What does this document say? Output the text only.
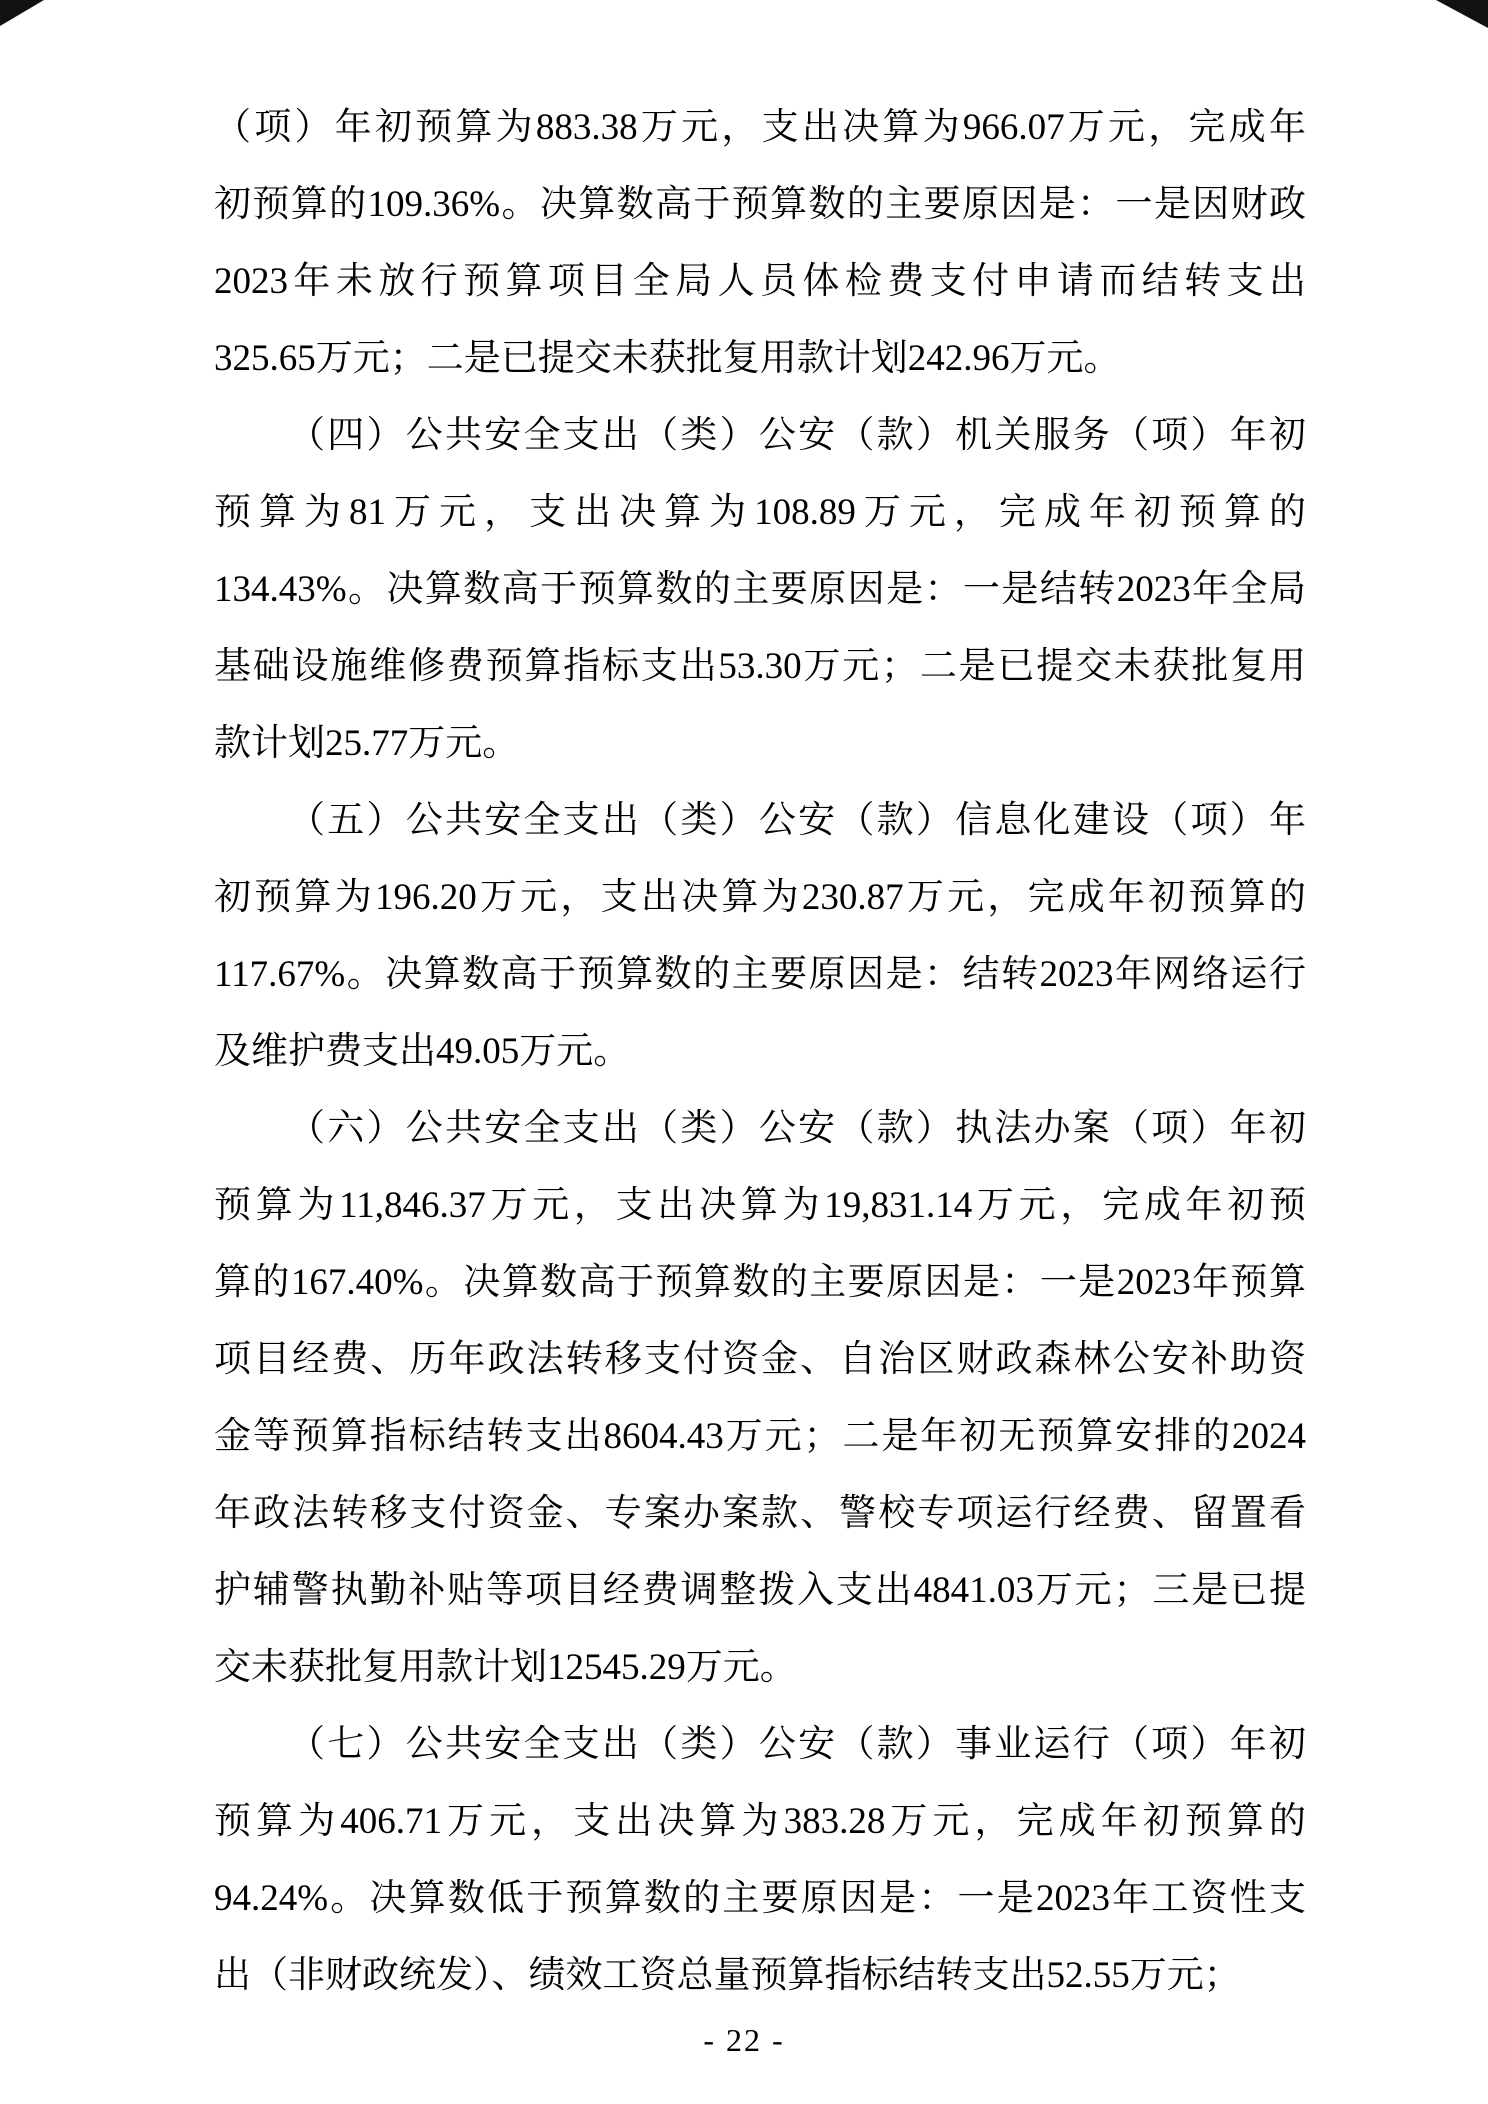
（项）年初预算为883.38万元，支出决算为966.07万元，完成年
初预算的109.36%。决算数高于预算数的主要原因是：一是因财政
2023年未放行预算项目全局人员体检费支付申请而结转支出
325.65万元；二是已提交未获批复用款计划242.96万元。
（四）公共安全支出（类）公安（款）机关服务（项）年初
预算为81万元，支出决算为108.89万元，完成年初预算的
134.43%。决算数高于预算数的主要原因是：一是结转2023年全局
基础设施维修费预算指标支出53.30万元；二是已提交未获批复用
款计划25.77万元。
（五）公共安全支出（类）公安（款）信息化建设（项）年
初预算为196.20万元，支出决算为230.87万元，完成年初预算的
117.67%。决算数高于预算数的主要原因是：结转2023年网络运行
及维护费支出49.05万元。
（六）公共安全支出（类）公安（款）执法办案（项）年初
预算为11,846.37万元，支出决算为19,831.14万元，完成年初预
算的167.40%。决算数高于预算数的主要原因是：一是2023年预算
项目经费、历年政法转移支付资金、自治区财政森林公安补助资
金等预算指标结转支出8604.43万元；二是年初无预算安排的2024
年政法转移支付资金、专案办案款、警校专项运行经费、留置看
护辅警执勤补贴等项目经费调整拨入支出4841.03万元；三是已提
交未获批复用款计划12545.29万元。
（七）公共安全支出（类）公安（款）事业运行（项）年初
预算为406.71万元，支出决算为383.28万元，完成年初预算的
94.24%。决算数低于预算数的主要原因是：一是2023年工资性支
出（非财政统发）、绩效工资总量预算指标结转支出52.55万元；
- 22 -
